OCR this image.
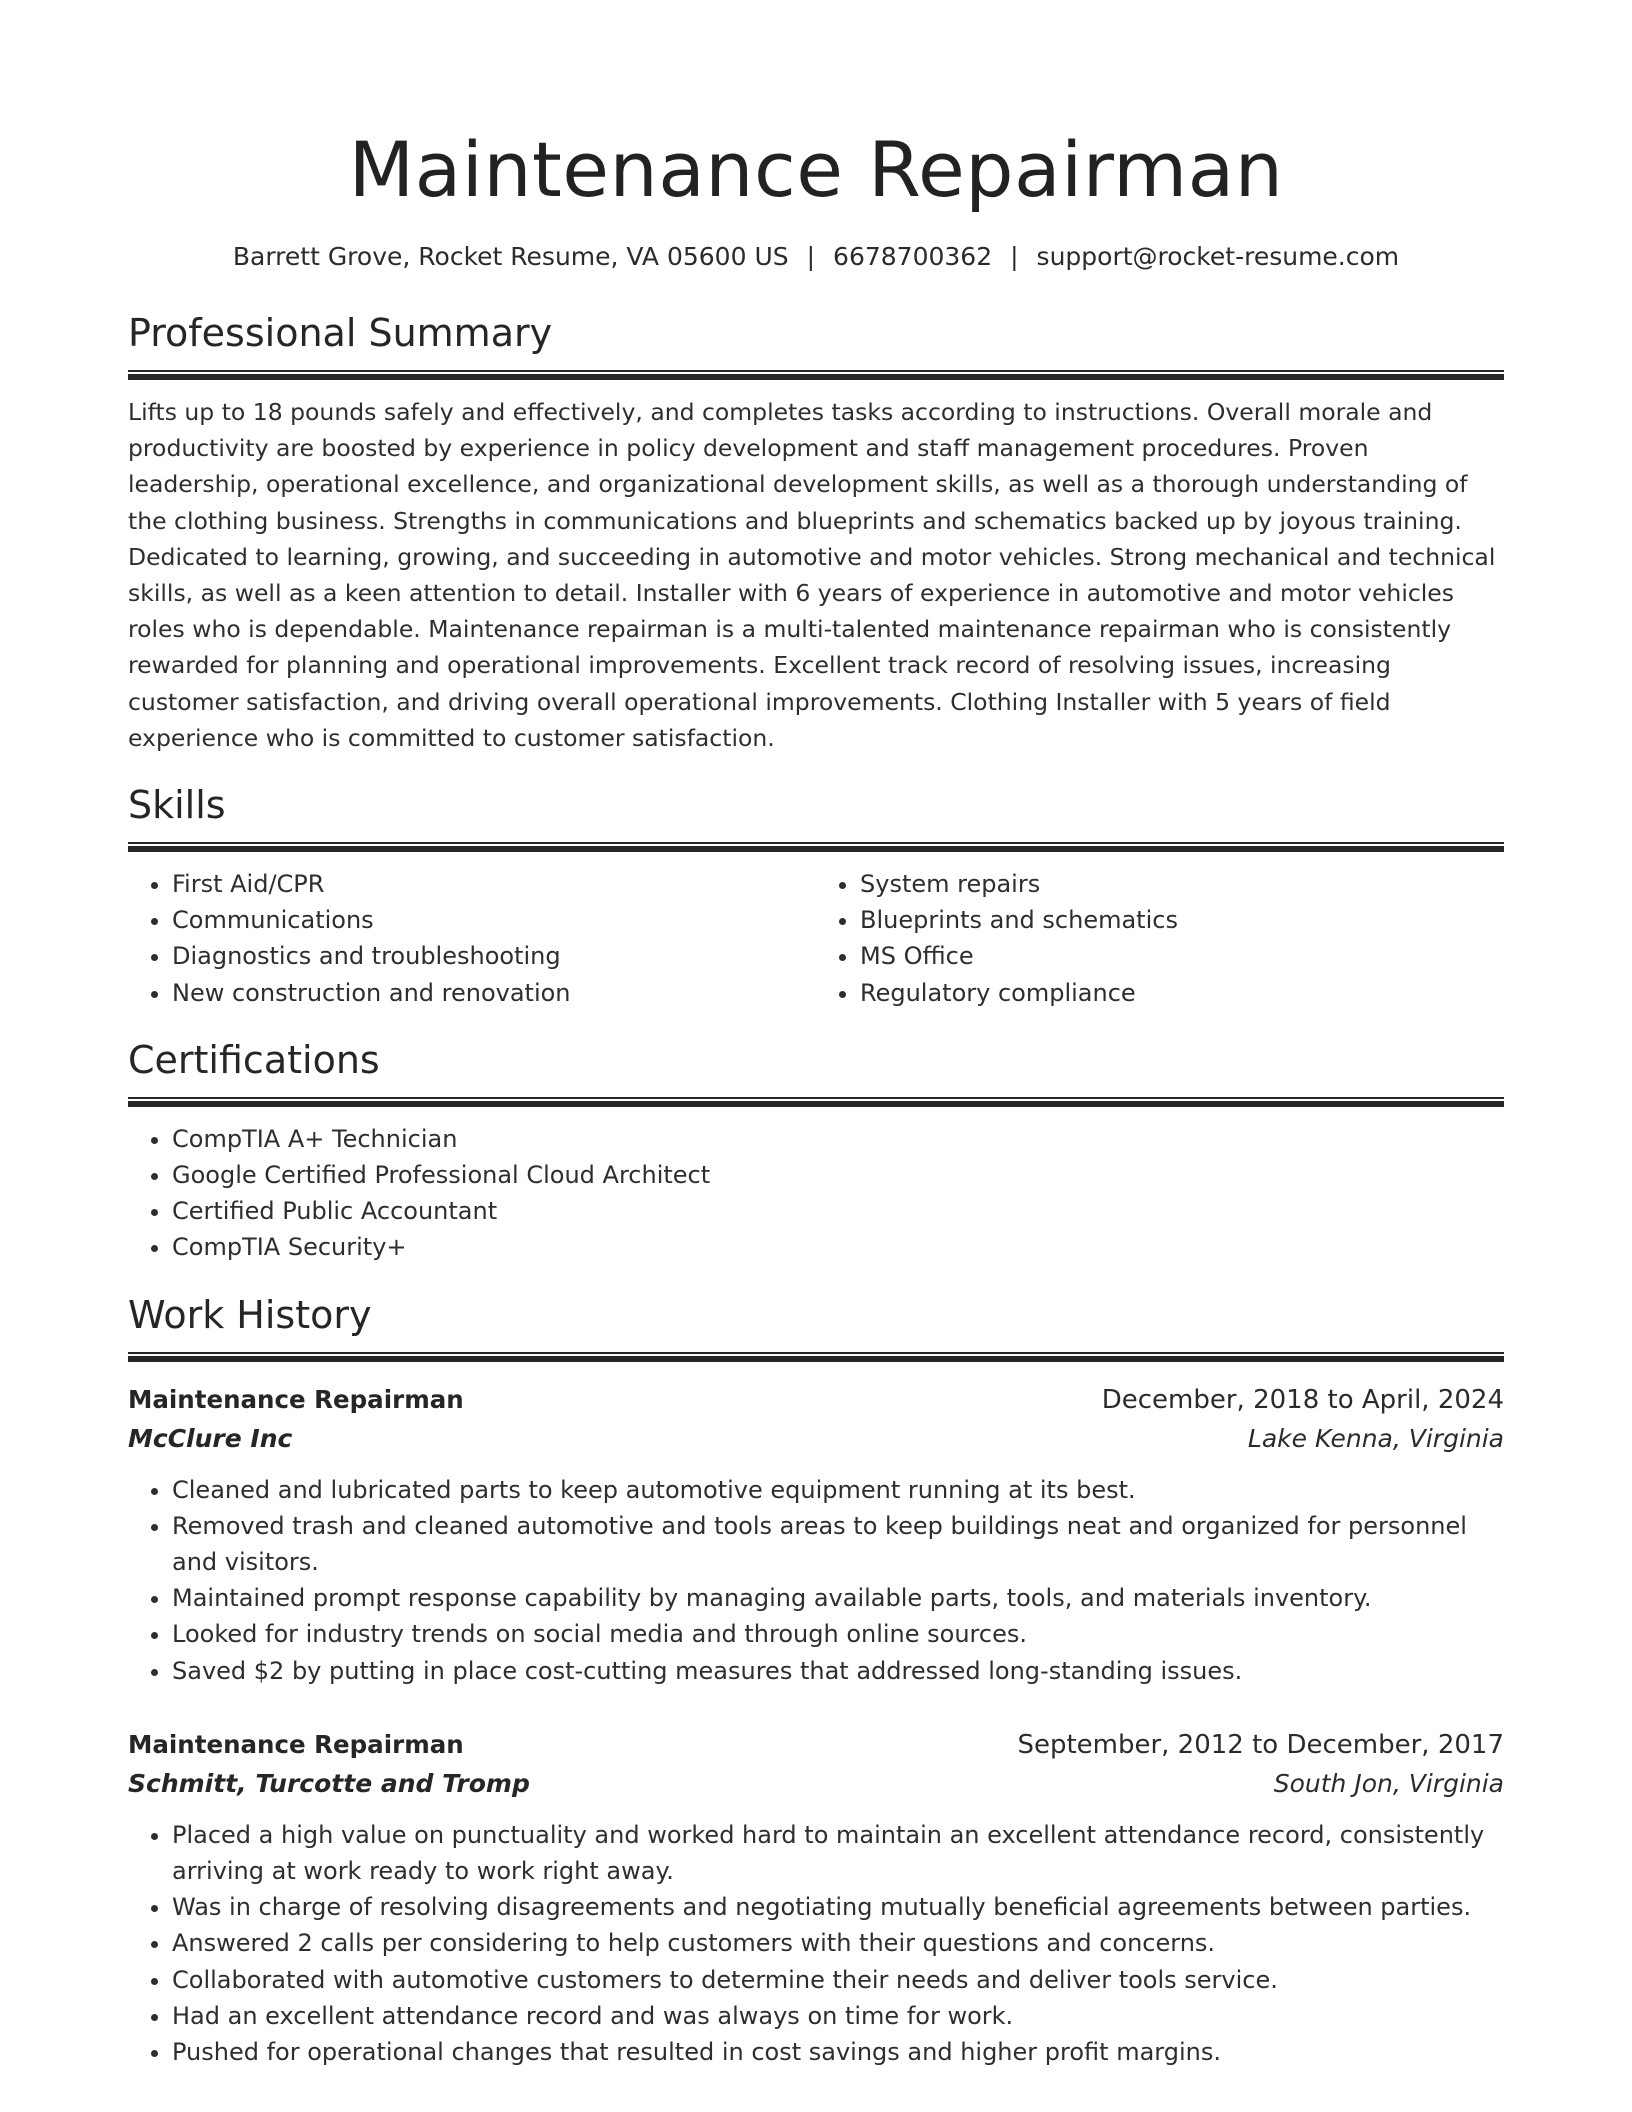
Maintenance Repairman
Barrett Grove, Rocket Resume, VA 05600 US | 6678700362 | support@rocket-resume.com
Professional Summary

Lifts up to 18 pounds safely and effectively, and completes tasks according to instructions. Overall morale and productivity are boosted by experience in policy development and staff management procedures. Proven leadership, operational excellence, and organizational development skills, as well as a thorough understanding of the clothing business. Strengths in communications and blueprints and schematics backed up by joyous training. Dedicated to learning, growing, and succeeding in automotive and motor vehicles. Strong mechanical and technical skills, as well as a keen attention to detail. Installer with 6 years of experience in automotive and motor vehicles roles who is dependable. Maintenance repairman is a multi-talented maintenance repairman who is consistently rewarded for planning and operational improvements. Excellent track record of resolving issues, increasing customer satisfaction, and driving overall operational improvements. Clothing Installer with 5 years of field experience who is committed to customer satisfaction.

Skills
• First Aid/CPR
• Communications
• Diagnostics and troubleshooting
• New construction and renovation
• System repairs
• Blueprints and schematics
• MS Office
• Regulatory compliance
Certifications
• CompTIA A+ Technician
• Google Certified Professional Cloud Architect
• Certified Public Accountant
• CompTIA Security+
Work History
Maintenance Repairman	December, 2018 to April, 2024
McClure Inc	Lake Kenna, Virginia
• Cleaned and lubricated parts to keep automotive equipment running at its best.
• Removed trash and cleaned automotive and tools areas to keep buildings neat and organized for personnel and visitors.
• Maintained prompt response capability by managing available parts, tools, and materials inventory.
• Looked for industry trends on social media and through online sources.
• Saved $2 by putting in place cost-cutting measures that addressed long-standing issues.
Maintenance Repairman	September, 2012 to December, 2017
Schmitt, Turcotte and Tromp	South Jon, Virginia
• Placed a high value on punctuality and worked hard to maintain an excellent attendance record, consistently arriving at work ready to work right away.
• Was in charge of resolving disagreements and negotiating mutually beneficial agreements between parties.
• Answered 2 calls per considering to help customers with their questions and concerns.
• Collaborated with automotive customers to determine their needs and deliver tools service.
• Had an excellent attendance record and was always on time for work.
• Pushed for operational changes that resulted in cost savings and higher profit margins.
